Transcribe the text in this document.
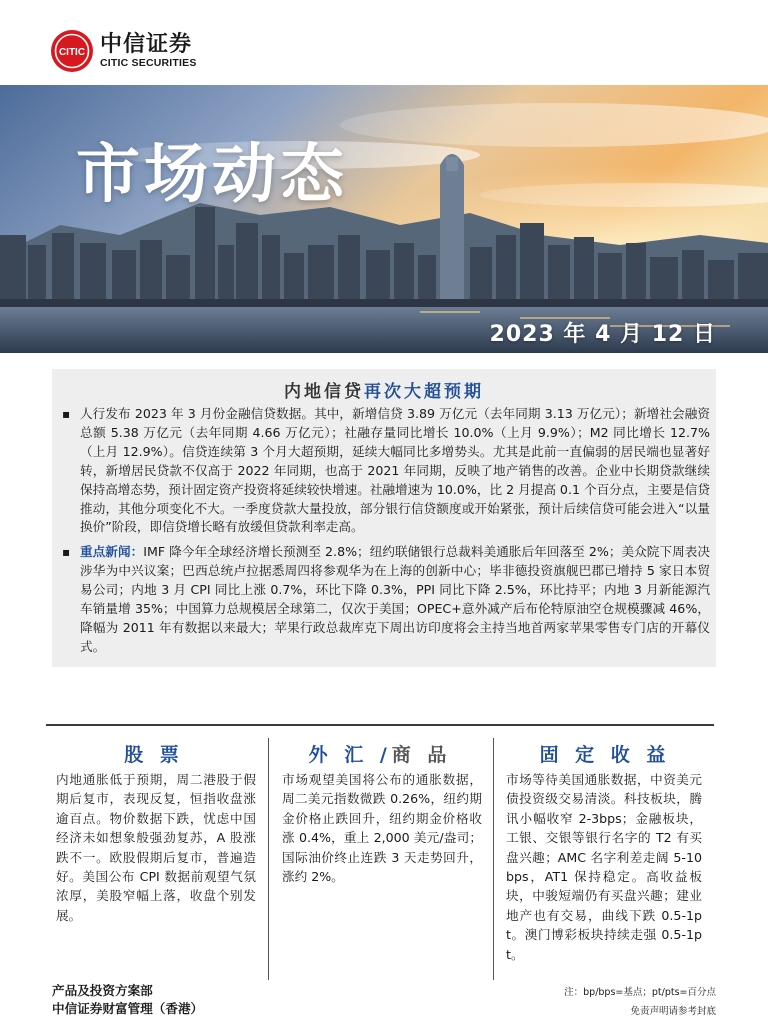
CITIC 中信证券
CITIC SECURITIES
市场动态
2023 年 4 月 12 日
内地信贷再次大超预期
▪ 人行发布 2023 年 3 月份金融信贷数据。其中，新增信贷 3.89 万亿元（去年同期 3.13 万亿元）；新增社会融资总额 5.38 万亿元（去年同期 4.66 万亿元）；社融存量同比增长 10.0%（上月 9.9%）；M2 同比增长 12.7%（上月 12.9%）。信贷连续第 3 个月大超预期，延续大幅同比多增势头。尤其是此前一直偏弱的居民端也显著好转，新增居民贷款不仅高于 2022 年同期，也高于 2021 年同期，反映了地产销售的改善。企业中长期贷款继续保持高增态势，预计固定资产投资将延续较快增速。社融增速为 10.0%，比 2 月提高 0.1 个百分点，主要是信贷推动，其他分项变化不大。一季度贷款大量投放，部分银行信贷额度或开始紧张，预计后续信贷可能会进入“以量换价”阶段，即信贷增长略有放缓但贷款利率走高。
▪ 重点新闻：IMF 降今年全球经济增长预测至 2.8%；纽约联储银行总裁料美通胀后年回落至 2%；美众院下周表决涉华为中兴议案；巴西总统卢拉据悉周四将参观华为在上海的创新中心；毕非德投资旗舰巴郡已增持 5 家日本贸易公司；内地 3 月 CPI 同比上涨 0.7%，环比下降 0.3%，PPI 同比下降 2.5%，环比持平；内地 3 月新能源汽车销量增 35%；中国算力总规模居全球第二，仅次于美国；OPEC+意外减产后布伦特原油空仓规模骤减 46%，降幅为 2011 年有数据以来最大；苹果行政总裁库克下周出访印度将会主持当地首两家苹果零售专门店的开幕仪式。
股 票	外 汇 /商 品	固 定 收 益
内地通胀低于预期，周二港股于假期后复市，表现反复，恒指收盘涨逾百点。物价数据下跌，忧虑中国经济未如想象般强劲复苏，A 股涨跌不一。欧股假期后复市，普遍造好。美国公布 CPI 数据前观望气氛浓厚，美股窄幅上落，收盘个别发展。
市场观望美国将公布的通胀数据，周二美元指数微跌 0.26%，纽约期金价格止跌回升，纽约期金价格收涨 0.4%，重上 2,000 美元/盎司；国际油价终止连跌 3 天走势回升，涨约 2%。
市场等待美国通胀数据，中资美元债投资级交易清淡。科技板块，腾讯小幅收窄 2-3bps；金融板块，工银、交银等银行名字的 T2 有买盘兴趣；AMC 名字利差走阔 5-10bps，AT1 保持稳定。高收益板块，中骏短端仍有买盘兴趣；建业地产也有交易，曲线下跌 0.5-1pt。澳门博彩板块持续走强 0.5-1pt。
产品及投资方案部
中信证券财富管理（香港）
注：bp/bps=基点；pt/pts=百分点
免责声明请参考封底
